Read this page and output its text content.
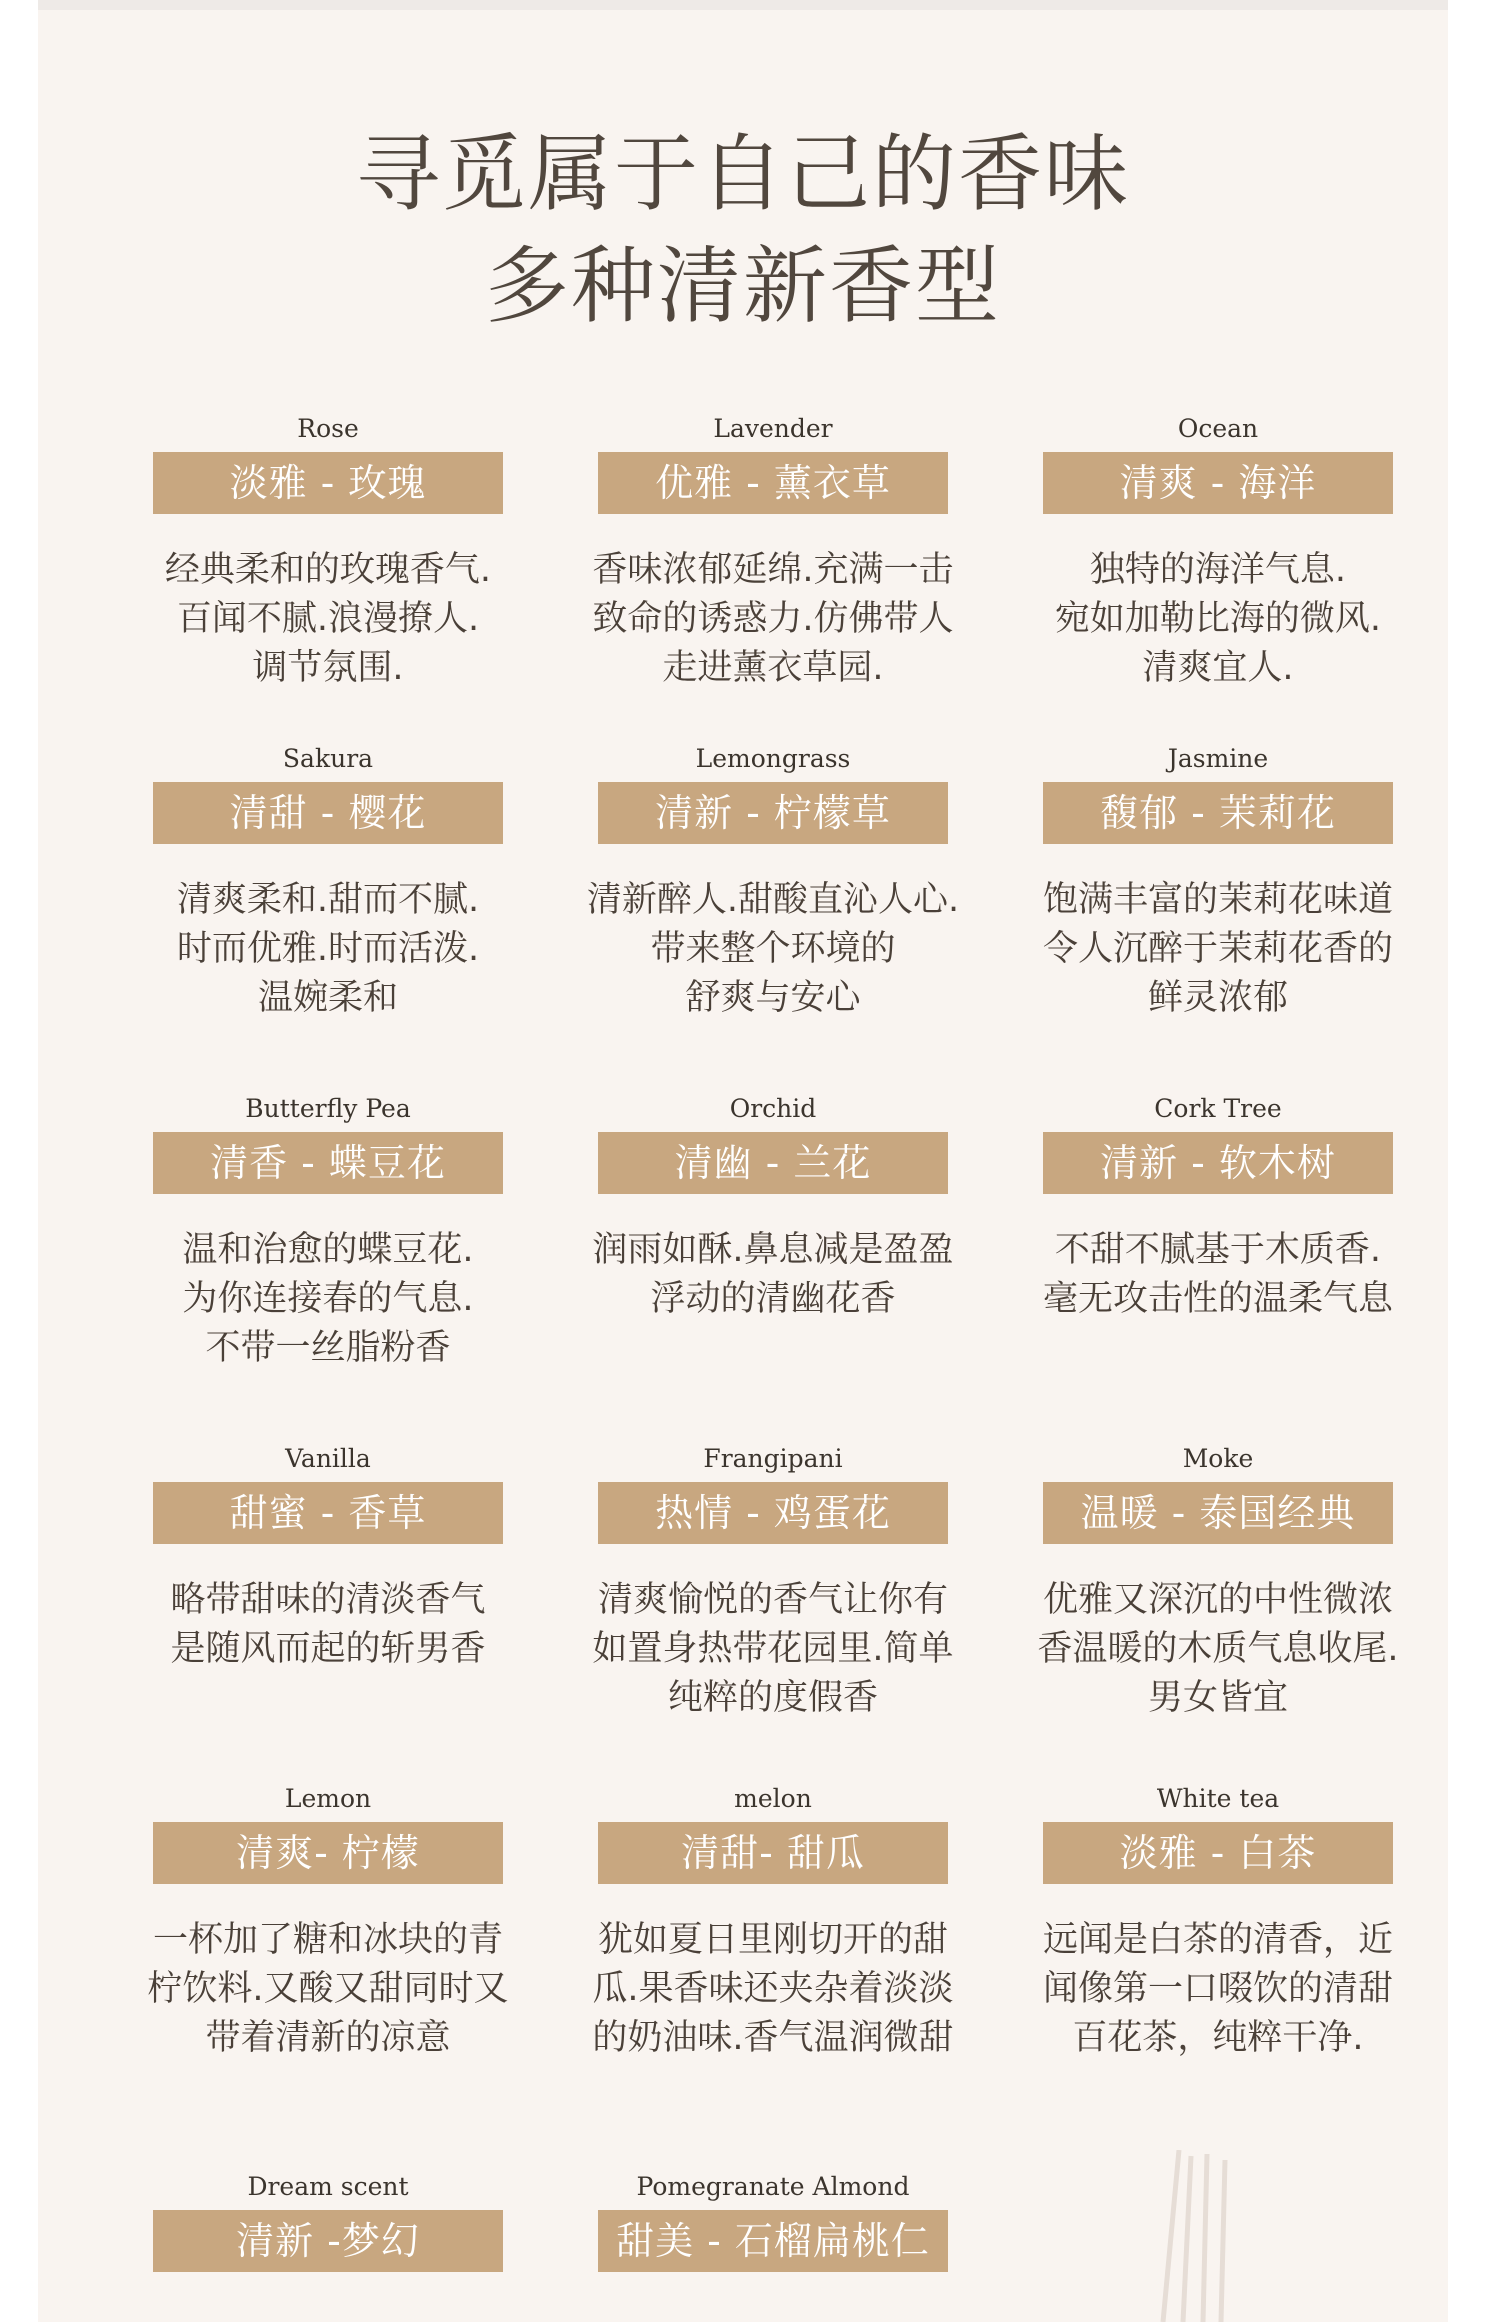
寻觅属于自己的香味
多种清新香型
Rose
淡雅 - 玫瑰
经典柔和的玫瑰香气.
百闻不腻.浪漫撩人.
调节氛围.
Lavender
优雅 - 薰衣草
香味浓郁延绵.充满一击
致命的诱惑力.仿佛带人
走进薰衣草园.
Ocean
清爽 - 海洋
独特的海洋气息.
宛如加勒比海的微风.
清爽宜人.
Sakura
清甜 - 樱花
清爽柔和.甜而不腻.
时而优雅.时而活泼.
温婉柔和
Lemongrass
清新 - 柠檬草
清新醉人.甜酸直沁人心.
带来整个环境的
舒爽与安心
Jasmine
馥郁 - 茉莉花
饱满丰富的茉莉花味道
令人沉醉于茉莉花香的
鲜灵浓郁
Butterfly Pea
清香 - 蝶豆花
温和治愈的蝶豆花.
为你连接春的气息.
不带一丝脂粉香
Orchid
清幽 - 兰花
润雨如酥.鼻息减是盈盈
浮动的清幽花香
Cork Tree
清新 - 软木树
不甜不腻基于木质香.
毫无攻击性的温柔气息
Vanilla
甜蜜 - 香草
略带甜味的清淡香气
是随风而起的斩男香
Frangipani
热情 - 鸡蛋花
清爽愉悦的香气让你有
如置身热带花园里.简单
纯粹的度假香
Moke
温暖 - 泰国经典
优雅又深沉的中性微浓
香温暖的木质气息收尾.
男女皆宜
Lemon
清爽- 柠檬
一杯加了糖和冰块的青
柠饮料.又酸又甜同时又
带着清新的凉意
melon
清甜- 甜瓜
犹如夏日里刚切开的甜
瓜.果香味还夹杂着淡淡
的奶油味.香气温润微甜
White tea
淡雅 - 白茶
远闻是白茶的清香，近
闻像第一口啜饮的清甜
百花茶，纯粹干净.
Dream scent
清新 -梦幻
Pomegranate Almond
甜美 - 石榴扁桃仁
